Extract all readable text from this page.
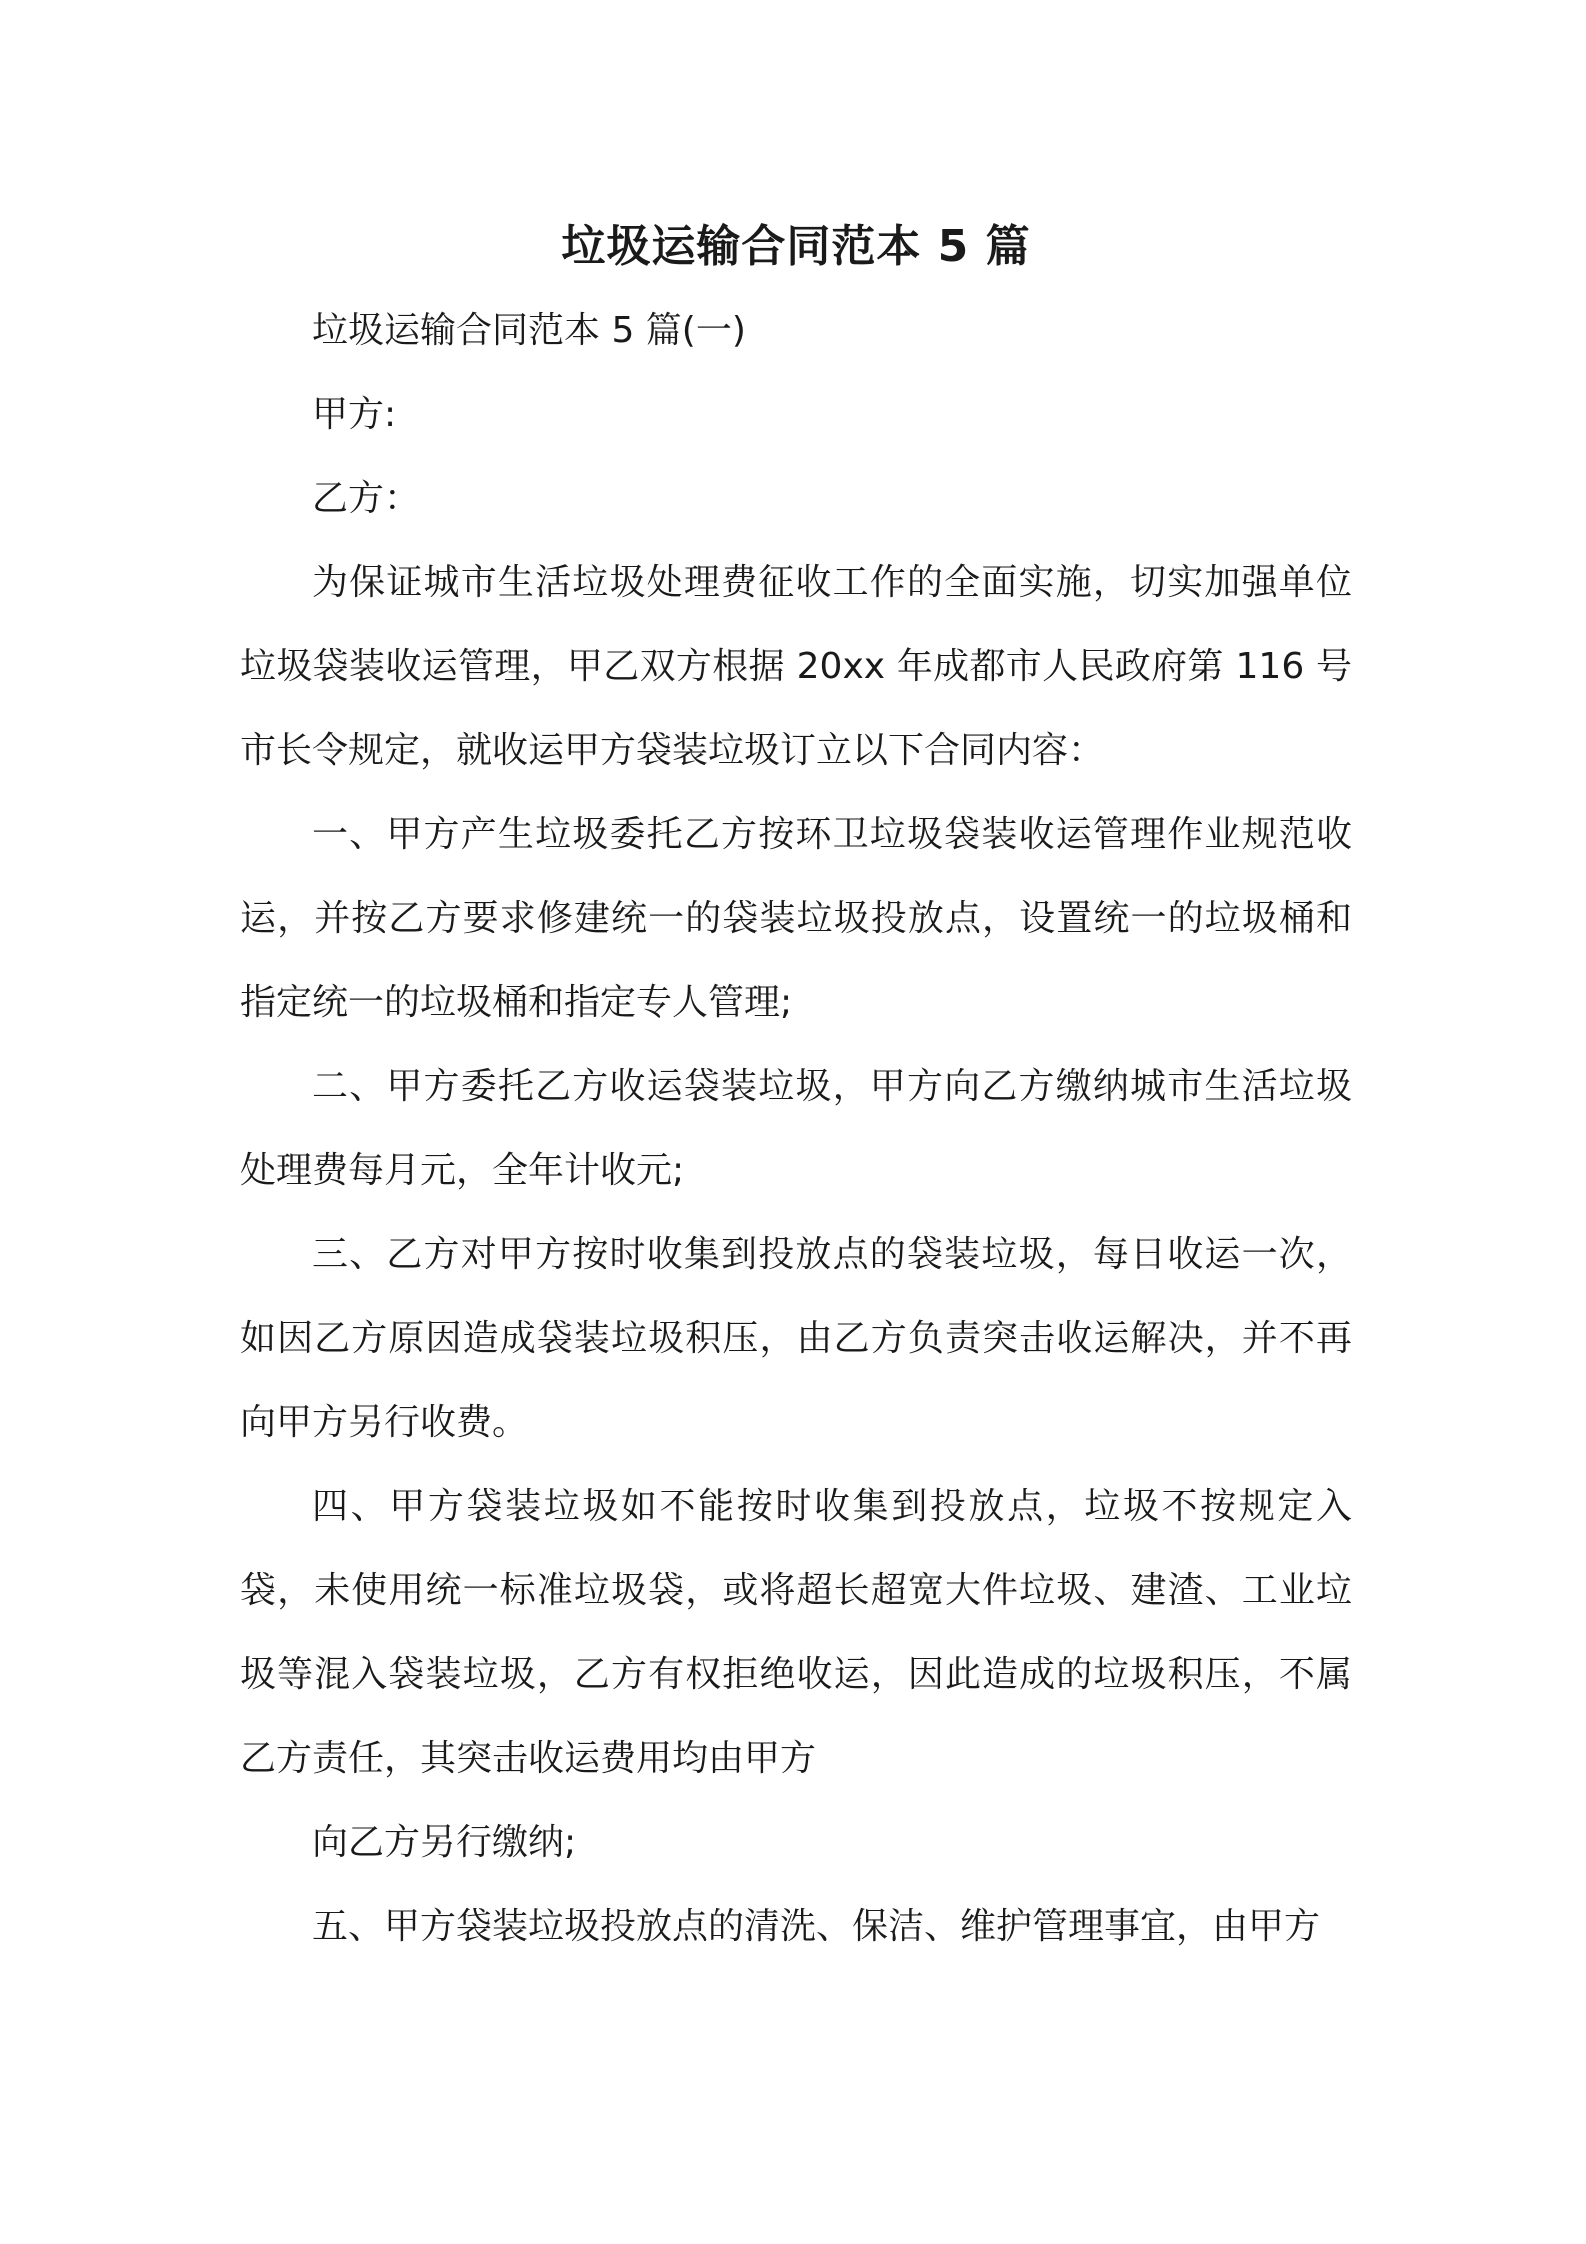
垃圾运输合同范本 5 篇

垃圾运输合同范本 5 篇(一)

甲方:

乙方：

为保证城市生活垃圾处理费征收工作的全面实施，切实加强单位垃圾袋装收运管理，甲乙双方根据 20xx 年成都市人民政府第 116 号市长令规定，就收运甲方袋装垃圾订立以下合同内容：

一、甲方产生垃圾委托乙方按环卫垃圾袋装收运管理作业规范收运，并按乙方要求修建统一的袋装垃圾投放点，设置统一的垃圾桶和指定统一的垃圾桶和指定专人管理;

二、甲方委托乙方收运袋装垃圾，甲方向乙方缴纳城市生活垃圾处理费每月元，全年计收元;

三、乙方对甲方按时收集到投放点的袋装垃圾，每日收运一次，如因乙方原因造成袋装垃圾积压，由乙方负责突击收运解决，并不再向甲方另行收费。

四、甲方袋装垃圾如不能按时收集到投放点，垃圾不按规定入袋，未使用统一标准垃圾袋，或将超长超宽大件垃圾、建渣、工业垃圾等混入袋装垃圾，乙方有权拒绝收运，因此造成的垃圾积压，不属乙方责任，其突击收运费用均由甲方

向乙方另行缴纳;

五、甲方袋装垃圾投放点的清洗、保洁、维护管理事宜，由甲方
